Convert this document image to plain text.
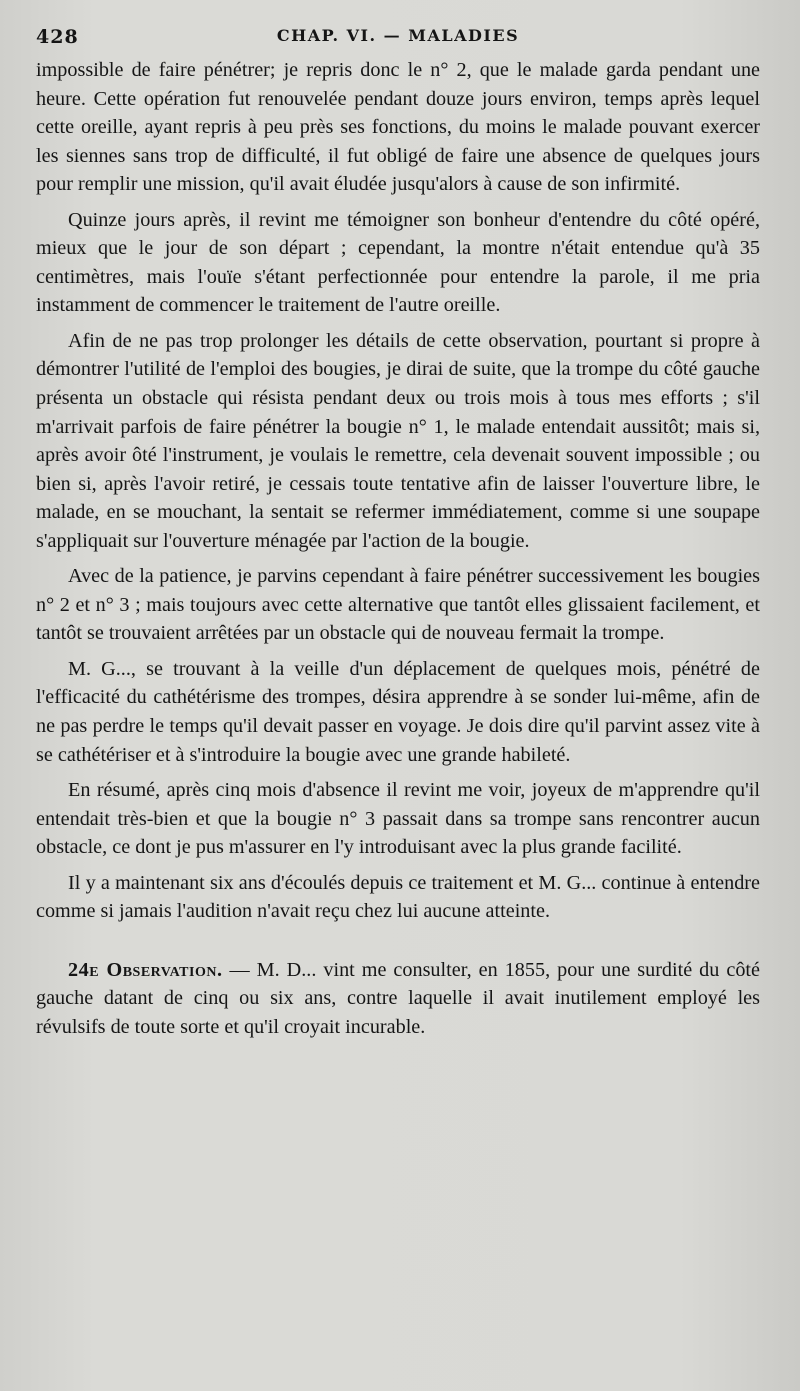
428	CHAP. VI. — MALADIES

impossible de faire pénétrer; je repris donc le n° 2, que le malade garda pendant une heure. Cette opération fut renouvelée pendant douze jours environ, temps après lequel cette oreille, ayant repris à peu près ses fonctions, du moins le malade pouvant exercer les siennes sans trop de difficulté, il fut obligé de faire une absence de quelques jours pour remplir une mission, qu'il avait éludée jusqu'alors à cause de son infirmité.

Quinze jours après, il revint me témoigner son bonheur d'entendre du côté opéré, mieux que le jour de son départ ; cependant, la montre n'était entendue qu'à 35 centimètres, mais l'ouïe s'étant perfectionnée pour entendre la parole, il me pria instamment de commencer le traitement de l'autre oreille.

Afin de ne pas trop prolonger les détails de cette observation, pourtant si propre à démontrer l'utilité de l'emploi des bougies, je dirai de suite, que la trompe du côté gauche présenta un obstacle qui résista pendant deux ou trois mois à tous mes efforts ; s'il m'arrivait parfois de faire pénétrer la bougie n° 1, le malade entendait aussitôt; mais si, après avoir ôté l'instrument, je voulais le remettre, cela devenait souvent impossible ; ou bien si, après l'avoir retiré, je cessais toute tentative afin de laisser l'ouverture libre, le malade, en se mouchant, la sentait se refermer immédiatement, comme si une soupape s'appliquait sur l'ouverture ménagée par l'action de la bougie.

Avec de la patience, je parvins cependant à faire pénétrer successivement les bougies n° 2 et n° 3 ; mais toujours avec cette alternative que tantôt elles glissaient facilement, et tantôt se trouvaient arrêtées par un obstacle qui de nouveau fermait la trompe.

M. G..., se trouvant à la veille d'un déplacement de quelques mois, pénétré de l'efficacité du cathétérisme des trompes, désira apprendre à se sonder lui-même, afin de ne pas perdre le temps qu'il devait passer en voyage. Je dois dire qu'il parvint assez vite à se cathétériser et à s'introduire la bougie avec une grande habileté.

En résumé, après cinq mois d'absence il revint me voir, joyeux de m'apprendre qu'il entendait très-bien et que la bougie n° 3 passait dans sa trompe sans rencontrer aucun obstacle, ce dont je pus m'assurer en l'y introduisant avec la plus grande facilité.

Il y a maintenant six ans d'écoulés depuis ce traitement et M. G... continue à entendre comme si jamais l'audition n'avait reçu chez lui aucune atteinte.

24e Observation. — M. D... vint me consulter, en 1855, pour une surdité du côté gauche datant de cinq ou six ans, contre laquelle il avait inutilement employé les révulsifs de toute sorte et qu'il croyait incurable.
